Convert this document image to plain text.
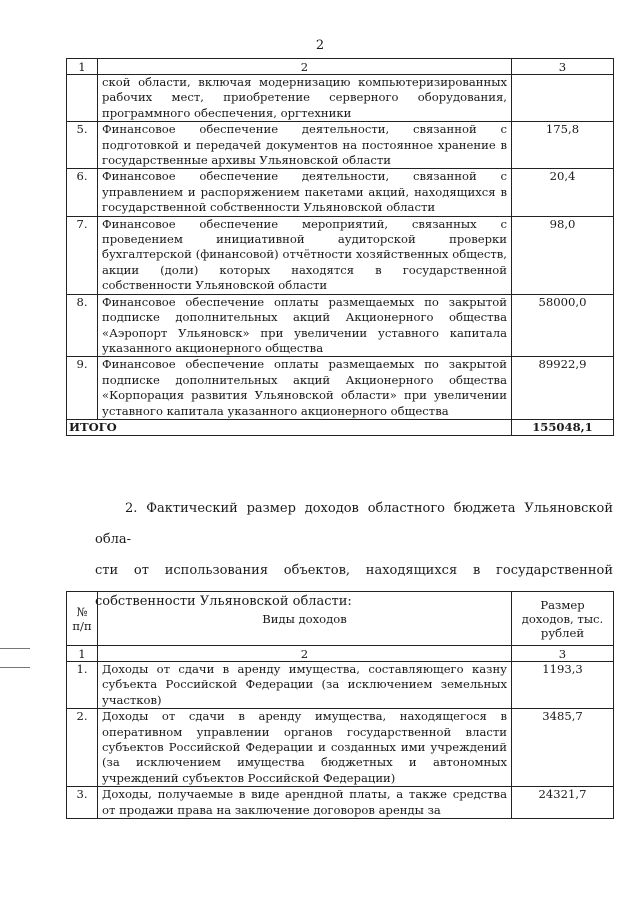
2
1	2	3
	ской области, включая модернизацию компьютеризированных рабочих мест, приобретение серверного оборудования, программного обеспечения, оргтехники	
5.	Финансовое обеспечение деятельности, связанной с подготовкой и передачей документов на постоянное хранение в государственные архивы Ульяновской области	175,8
6.	Финансовое обеспечение деятельности, связанной с управлением и распоряжением пакетами акций, находящихся в государственной собственности Ульяновской области	20,4
7.	Финансовое обеспечение мероприятий, связанных с проведением инициативной аудиторской проверки бухгалтерской (финансовой) отчётности хозяйственных обществ, акции (доли) которых находятся в государственной собственности Ульяновской области	98,0
8.	Финансовое обеспечение оплаты размещаемых по закрытой подписке дополнительных акций Акционерного общества «Аэропорт Ульяновск» при увеличении уставного капитала указанного акционерного общества	58000,0
9.	Финансовое обеспечение оплаты размещаемых по закрытой подписке дополнительных акций Акционерного общества «Корпорация развития Ульяновской области» при увеличении уставного капитала указанного акционерного общества	89922,9
ИТОГО		155048,1
2. Фактический размер доходов областного бюджета Ульяновской обла-
сти от использования объектов, находящихся в государственной собственности Ульяновской области:
№ п/п	Виды доходов	Размер доходов, тыс. рублей
1	2	3
1.	Доходы от сдачи в аренду имущества, составляющего казну субъекта Российской Федерации (за исключением земельных участков)	1193,3
2.	Доходы от сдачи в аренду имущества, находящегося в оперативном управлении органов государственной власти субъектов Российской Федерации и созданных ими учреждений (за исключением имущества бюджетных и автономных учреждений субъектов Российской Федерации)	3485,7
3.	Доходы, получаемые в виде арендной платы, а также средства от продажи права на заключение договоров аренды за	24321,7
